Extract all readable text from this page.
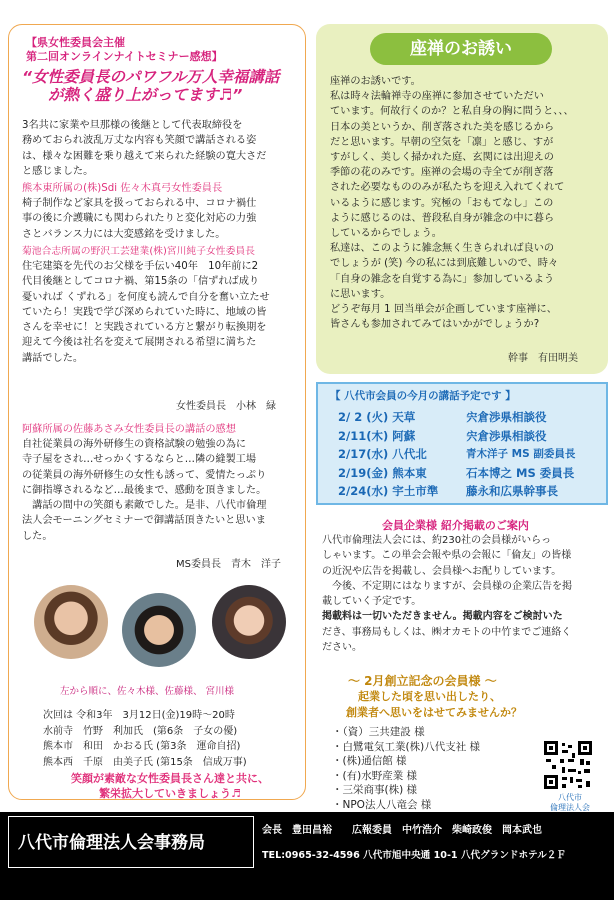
【県女性委員会主催
第二回オンラインナイトセミナー感想】
“女性委員長のパワフル万人幸福講話
が熱く盛り上がってます♬”
3名共に家業や旦那様の後継として代表取締役を
務めておられ波乱万丈な内容も笑顔で講話される姿
は、様々な困難を乗り越えて来られた経験の寛大さだ
と感じました。
熊本東所属の(株)Sdi 佐々木真弓女性委員長
椅子制作など家具を扱っておられる中、コロナ禍仕
事の後に介護職にも関わられたりと変化対応の力強
さとバランス力には大変感銘を受けました。
菊池合志所属の野沢工芸建業(株)宮川純子女性委員長
住宅建築を先代のお父様を手伝い40年　10年前に2
代目後継としてコロナ禍、第15条の「信ずれば成り
憂いれば くずれる」を何度も読んで自分を奮い立たせ
ていたら！実践で学び深められていた時に、地域の皆
さんを幸せに！と実践されている方と繋がり転換期を
迎えて今後は社名を変えて展開される希望に満ちた
講話でした。
女性委員長　小林　緑
阿蘇所属の佐藤あさみ女性委員長の講話の感想
自社従業員の海外研修生の資格試験の勉強の為に
寺子屋をされ…せっかくするならと…隣の縫製工場
の従業員の海外研修生の女性も誘って、愛情たっぷり
に御指導されるなど…最後まで、感動を頂きました。
　講話の間中の笑顔も素敵でした。是非、八代市倫理
法人会モーニングセミナーで御講話頂きたいと思いま
した。
MS委員長　青木　洋子
左から順に、佐々木様、佐藤様、 宮川様
次回は 令和3年　3月12日(金)19時〜20時
水前寺　竹野　利加氏　(第6条　子女の優)
熊本市　和田　かおる氏 (第3条　運命自招)
熊本西　千原　由美子氏 (第15条　信成万事)
笑顔が素敵な女性委員長さん達と共に、
繁栄拡大していきましょう♬
座禅のお誘い
座禅のお誘いです。
私は時々法輪禅寺の座禅に参加させていただい
ています。何故行くのか？と私自身の胸に問うと、、、
日本の美というか、削ぎ落された美を感じるから
だと思います。早朝の空気を「凛」と感じ、すが
すがしく、美しく掃かれた庭、玄関には出迎えの
季節の花のみです。座禅の会場の寺全てが削ぎ落
された必要なもののみが私たちを迎え入れてくれて
いるように感じます。究極の「おもてなし」この
ように感じるのは、普段私自身が雑念の中に暮ら
しているからでしょう。
私達は、このように雑念無く生きられれば良いの
でしょうが (笑) 今の私には到底難しいので、時々
「自身の雑念を自覚する為に」参加しているよう
に思います。
どうぞ毎月 1 回当単会が企画しています座禅に、
皆さんも参加されてみてはいかがでしょうか?
幹事　有田明美
【 八代市会員の今月の講話予定です 】
2/ 2 (火) 天草	宍倉渉県相談役
2/11(木) 阿蘇	宍倉渉県相談役
2/17(水) 八代北	青木洋子 MS 副委員長
2/19(金) 熊本東	石本博之 MS 委員長
2/24(水) 宇土市準	藤永和広県幹事長
会員企業様 紹介掲載のご案内
八代市倫理法人会には、約230社の会員様がいらっ
しゃいます。この単会会報や県の会報に「倫友」の皆様
の近況や広告を掲載し、会員様へお配りしています。
　今後、不定期にはなりますが、会員様の企業広告を掲
載していく予定です。
掲載料は一切いただきません。掲載内容をご検討いた
だき、事務局もしくは、㈱オカモトの中竹までご連絡く
ださい。
～ 2月創立記念の会員様 ～
起業した頃を思い出したり、
創業者へ思いをはせてみませんか？
・（資）三共建設 様
・白鷺電気工業(株)八代支社 様
・(株)通信館 様
・(有)水野産業 様
・三栄商事(株) 様
・NPO法人八竜会 様
八代市
倫理法人会
八代市倫理法人会事務局
会長　豊田昌裕　　広報委員　中竹浩介　柴崎政俊　岡本武也
TEL:0965-32-4596 八代市旭中央通 10-1 八代グランドホテル２Ｆ
